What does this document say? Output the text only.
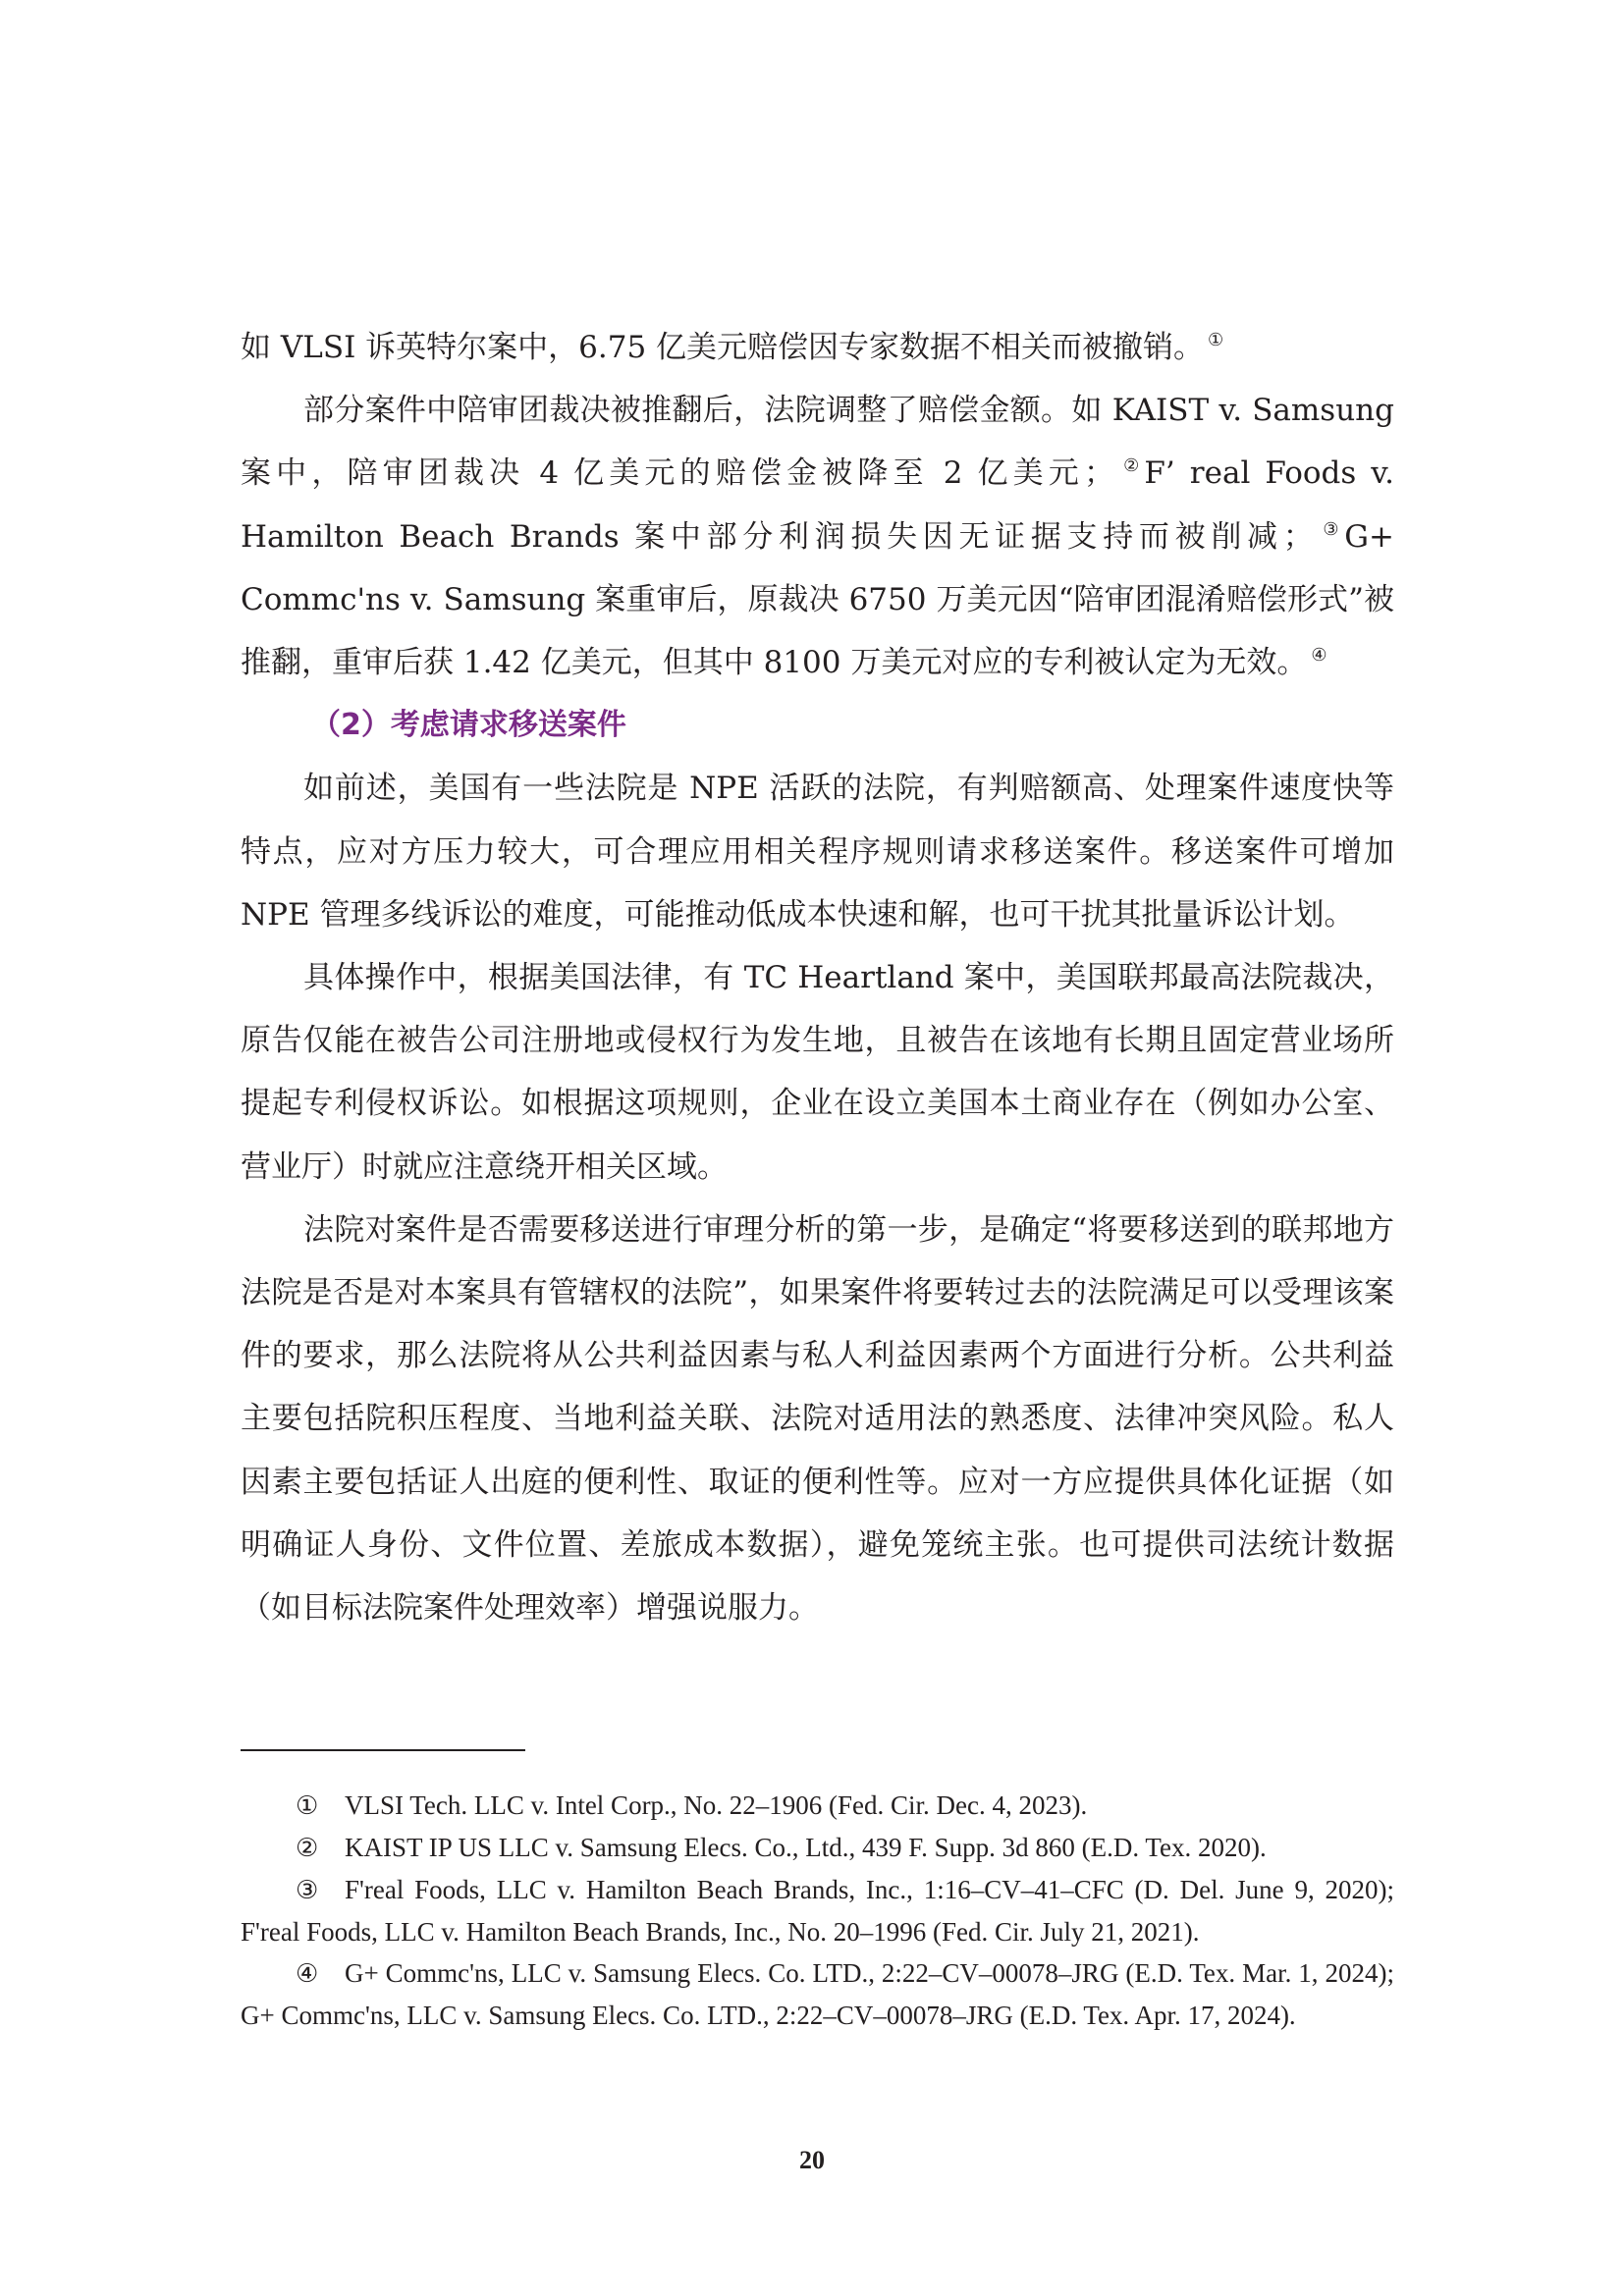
如 VLSI 诉英特尔案中，6.75 亿美元赔偿因专家数据不相关而被撤销。 ①

部分案件中陪审团裁决被推翻后，法院调整了赔偿金额。如 KAIST v. Samsung 案中，陪审团裁决 4 亿美元的赔偿金被降至 2 亿美元； ②F’ real Foods v. Hamilton Beach Brands 案中部分利润损失因无证据支持而被削减； ③G+ Commc'ns v. Samsung 案重审后，原裁决 6750 万美元因“陪审团混淆赔偿形式”被推翻，重审后获 1.42 亿美元，但其中 8100 万美元对应的专利被认定为无效。 ④

（2）考虑请求移送案件

如前述，美国有一些法院是 NPE 活跃的法院，有判赔额高、处理案件速度快等特点，应对方压力较大，可合理应用相关程序规则请求移送案件。移送案件可增加 NPE 管理多线诉讼的难度，可能推动低成本快速和解，也可干扰其批量诉讼计划。

具体操作中，根据美国法律，有 TC Heartland 案中，美国联邦最高法院裁决，原告仅能在被告公司注册地或侵权行为发生地，且被告在该地有长期且固定营业场所提起专利侵权诉讼。如根据这项规则，企业在设立美国本土商业存在（例如办公室、营业厅）时就应注意绕开相关区域。

法院对案件是否需要移送进行审理分析的第一步，是确定“将要移送到的联邦地方法院是否是对本案具有管辖权的法院”，如果案件将要转过去的法院满足可以受理该案件的要求，那么法院将从公共利益因素与私人利益因素两个方面进行分析。公共利益主要包括院积压程度、当地利益关联、法院对适用法的熟悉度、法律冲突风险。私人因素主要包括证人出庭的便利性、取证的便利性等。应对一方应提供具体化证据（如明确证人身份、文件位置、差旅成本数据），避免笼统主张。也可提供司法统计数据（如目标法院案件处理效率）增强说服力。

① VLSI Tech. LLC v. Intel Corp., No. 22–1906 (Fed. Cir. Dec. 4, 2023).

② KAIST IP US LLC v. Samsung Elecs. Co., Ltd., 439 F. Supp. 3d 860 (E.D. Tex. 2020).

③ F'real Foods, LLC v. Hamilton Beach Brands, Inc., 1:16–CV–41–CFC (D. Del. June 9, 2020); F'real Foods, LLC v. Hamilton Beach Brands, Inc., No. 20–1996 (Fed. Cir. July 21, 2021).

④ G+ Commc'ns, LLC v. Samsung Elecs. Co. LTD., 2:22–CV–00078–JRG (E.D. Tex. Mar. 1, 2024); G+ Commc'ns, LLC v. Samsung Elecs. Co. LTD., 2:22–CV–00078–JRG (E.D. Tex. Apr. 17, 2024).

20
